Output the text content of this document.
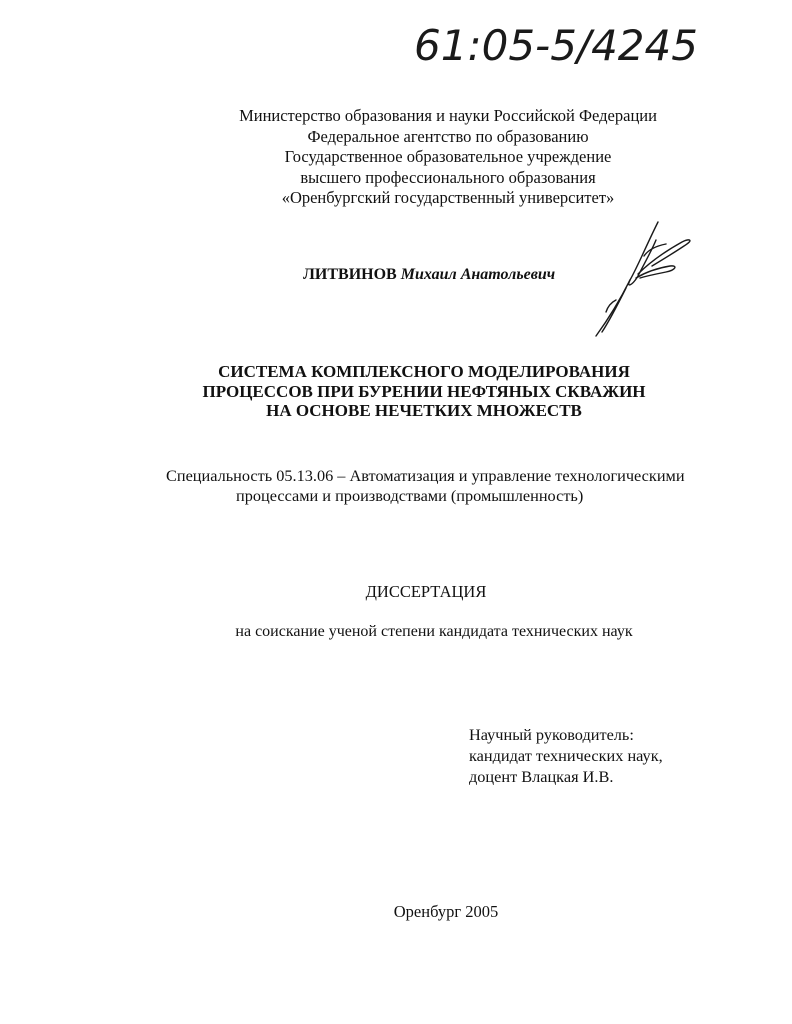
61:05-5/4245
Министерство образования и науки Российской Федерации
Федеральное агентство по образованию
Государственное образовательное учреждение
высшего профессионального образования
«Оренбургский государственный университет»
ЛИТВИНОВ Михаил Анатольевич
СИСТЕМА КОМПЛЕКСНОГО МОДЕЛИРОВАНИЯ
ПРОЦЕССОВ ПРИ БУРЕНИИ НЕФТЯНЫХ СКВАЖИН
НА ОСНОВЕ НЕЧЕТКИХ МНОЖЕСТВ
Специальность 05.13.06 – Автоматизация и управление технологическими
процессами и производствами (промышленность)
ДИССЕРТАЦИЯ
на соискание ученой степени кандидата технических наук
Научный руководитель:
кандидат технических наук,
доцент Влацкая И.В.
Оренбург 2005
